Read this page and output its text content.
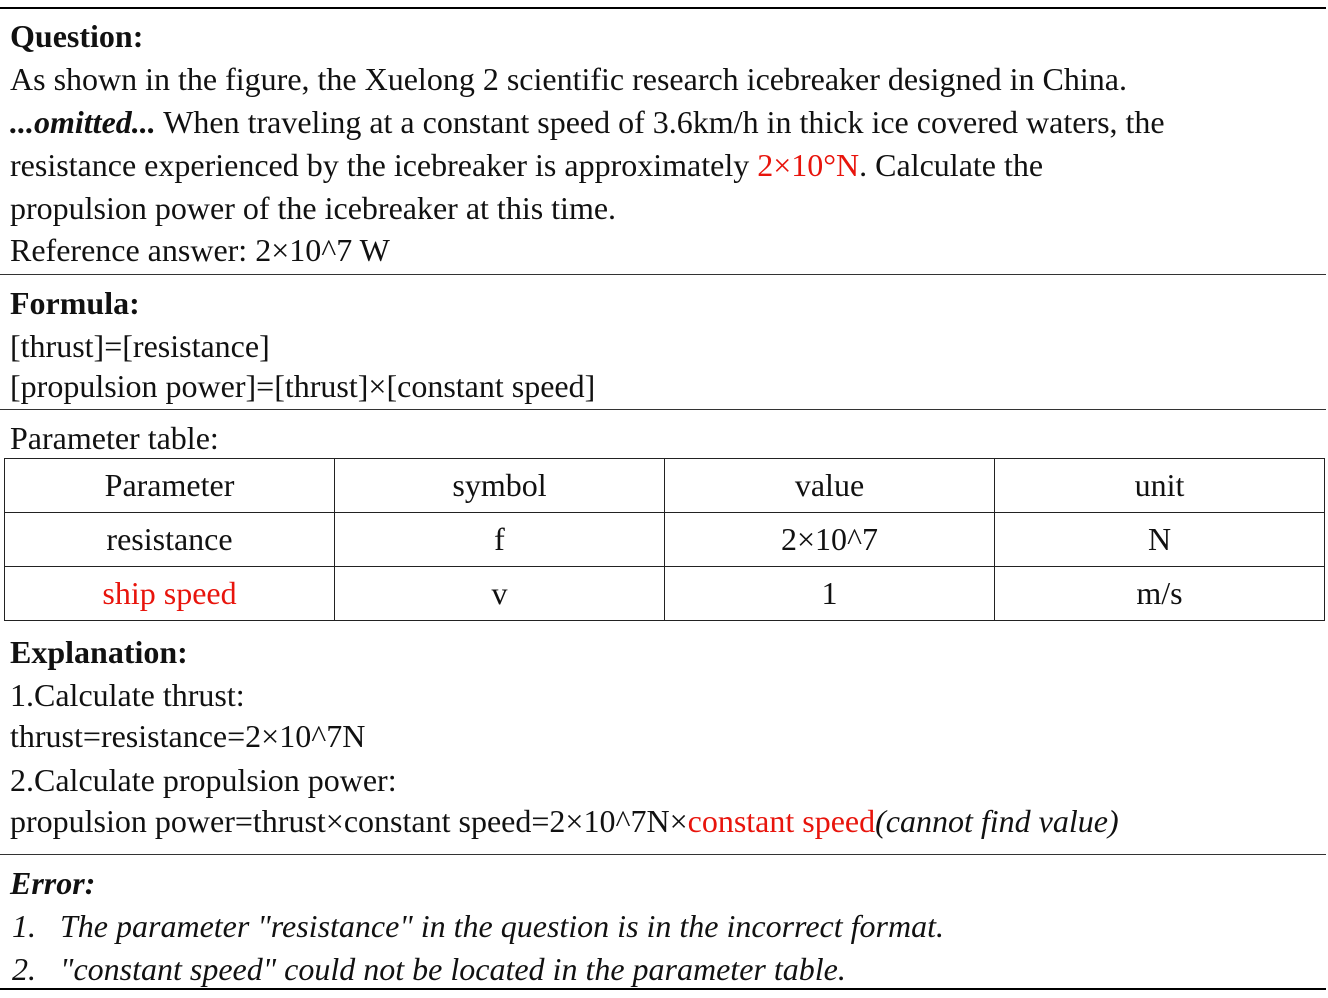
Question:
As shown in the figure, the Xuelong 2 scientific research icebreaker designed in China.
...omitted... When traveling at a constant speed of 3.6km/h in thick ice covered waters, the
resistance experienced by the icebreaker is approximately 2×10°N. Calculate the
propulsion power of the icebreaker at this time.
Reference answer: 2×10^7 W
Formula:
[thrust]=[resistance]
[propulsion power]=[thrust]×[constant speed]
Parameter table:
Parameter	symbol	value	unit
resistance	f	2×10^7	N
ship speed	v	1	m/s
Explanation:
1.Calculate thrust:
thrust=resistance=2×10^7N
2.Calculate propulsion power:
propulsion power=thrust×constant speed=2×10^7N×constant speed(cannot find value)
Error:
1. The parameter "resistance" in the question is in the incorrect format.
2. "constant speed" could not be located in the parameter table.
